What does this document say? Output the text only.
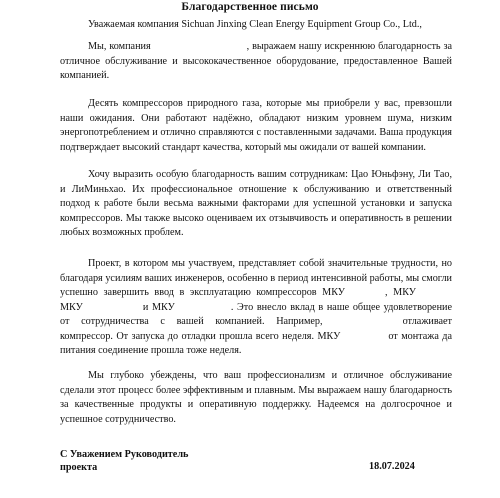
Благодарственное письмо
Уважаемая компания Sichuan Jinxing Clean Energy Equipment Group Co., Ltd.,
Мы, компания	, выражаем нашу искреннюю благодарность за отличное обслуживание и высококачественное оборудование, предоставленное Вашей компанией.
Десять компрессоров природного газа, которые мы приобрели у вас, превзошли наши ожидания. Они работают надёжно, обладают низким уровнем шума, низким энергопотреблением и отлично справляются с поставленными задачами. Ваша продукция подтверждает высокий стандарт качества, который мы ожидали от вашей компании.
Хочу выразить особую благодарность вашим сотрудникам: Цао Юньфэну, Ли Тао, и ЛиМиньхао. Их профессиональное отношение к обслуживанию и ответственный подход к работе были весьма важными факторами для успешной установки и запуска компрессоров. Мы также высоко оцениваем их отзывчивость и оперативность в решении любых возможных проблем.
Проект, в котором мы участвуем, представляет собой значительные трудности, но благодаря усилиям ваших инженеров, особенно в период интенсивной работы, мы смогли успешно завершить ввод в эксплуатацию компрессоров МКУ	, МКУ МКУ	и МКУ	. Это внесло вклад в наше общее удовлетворение от сотрудничества с вашей компанией. Например,	отлаживает компрессор. От запуска до отладки прошла всего неделя. МКУ	от монтажа да питания соединение прошла тоже неделя.
Мы глубоко убеждены, что ваш профессионализм и отличное обслуживание сделали этот процесс более эффективным и плавным. Мы выражаем нашу благодарность за качественные продукты и оперативную поддержку. Надеемся на долгосрочное и успешное сотрудничество.
С Уважением Руководитель
проекта	18.07.2024
